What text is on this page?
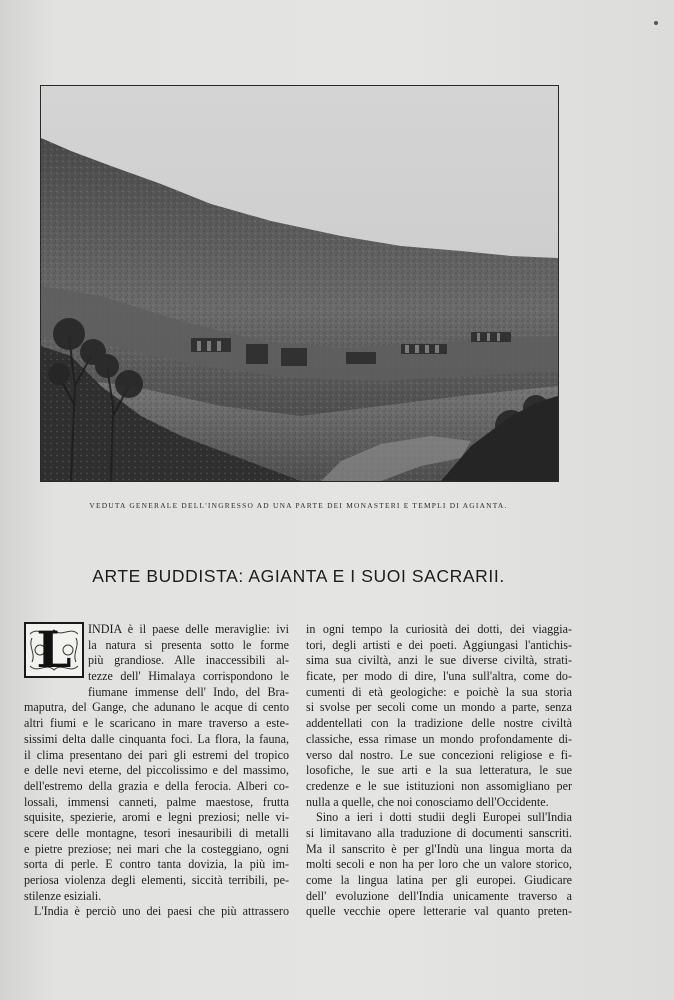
VEDUTA GENERALE DELL'INGRESSO AD UNA PARTE DEI MONASTERI E TEMPLI DI AGIANTA.
ARTE BUDDISTA: AGIANTA E I SUOI SACRARII.
L	INDIA è il paese delle meraviglie: ivi
la natura si presenta sotto le forme
più grandiose. Alle inaccessibili al-
tezze dell' Himalaya corrispondono le
fiumane immense dell' Indo, del Bra-
maputra, del Gange, che adunano le acque di cento
altri fiumi e le scaricano in mare traverso a este-
sissimi delta dalle cinquanta foci. La flora, la fauna,
il clima presentano dei pari gli estremi del tropico
e delle nevi eterne, del piccolissimo e del massimo,
dell'estremo della grazia e della ferocia. Alberi co-
lossali, immensi canneti, palme maestose, frutta
squisite, spezierie, aromi e legni preziosi; nelle vi-
scere delle montagne, tesori inesauribili di metalli
e pietre preziose; nei mari che la costeggiano, ogni
sorta di perle. E contro tanta dovizia, la più im-
periosa violenza degli elementi, siccità terribili, pe-
stilenze esiziali.
L'India è perciò uno dei paesi che più attrassero
in ogni tempo la curiosità dei dotti, dei viaggia-
tori, degli artisti e dei poeti. Aggiungasi l'antichis-
sima sua civiltà, anzi le sue diverse civiltà, strati-
ficate, per modo di dire, l'una sull'altra, come do-
cumenti di età geologiche: e poichè la sua storia
si svolse per secoli come un mondo a parte, senza
addentellati con la tradizione delle nostre civiltà
classiche, essa rimase un mondo profondamente di-
verso dal nostro. Le sue concezioni religiose e fi-
losofiche, le sue arti e la sua letteratura, le sue
credenze e le sue istituzioni non assomigliano per
nulla a quelle, che noi conosciamo dell'Occidente.
Sino a ieri i dotti studii degli Europei sull'India
si limitavano alla traduzione di documenti sanscriti.
Ma il sanscrito è per gl'Indù una lingua morta da
molti secoli e non ha per loro che un valore storico,
come la lingua latina per gli europei. Giudicare
dell' evoluzione dell'India unicamente traverso a
quelle vecchie opere letterarie val quanto preten-
